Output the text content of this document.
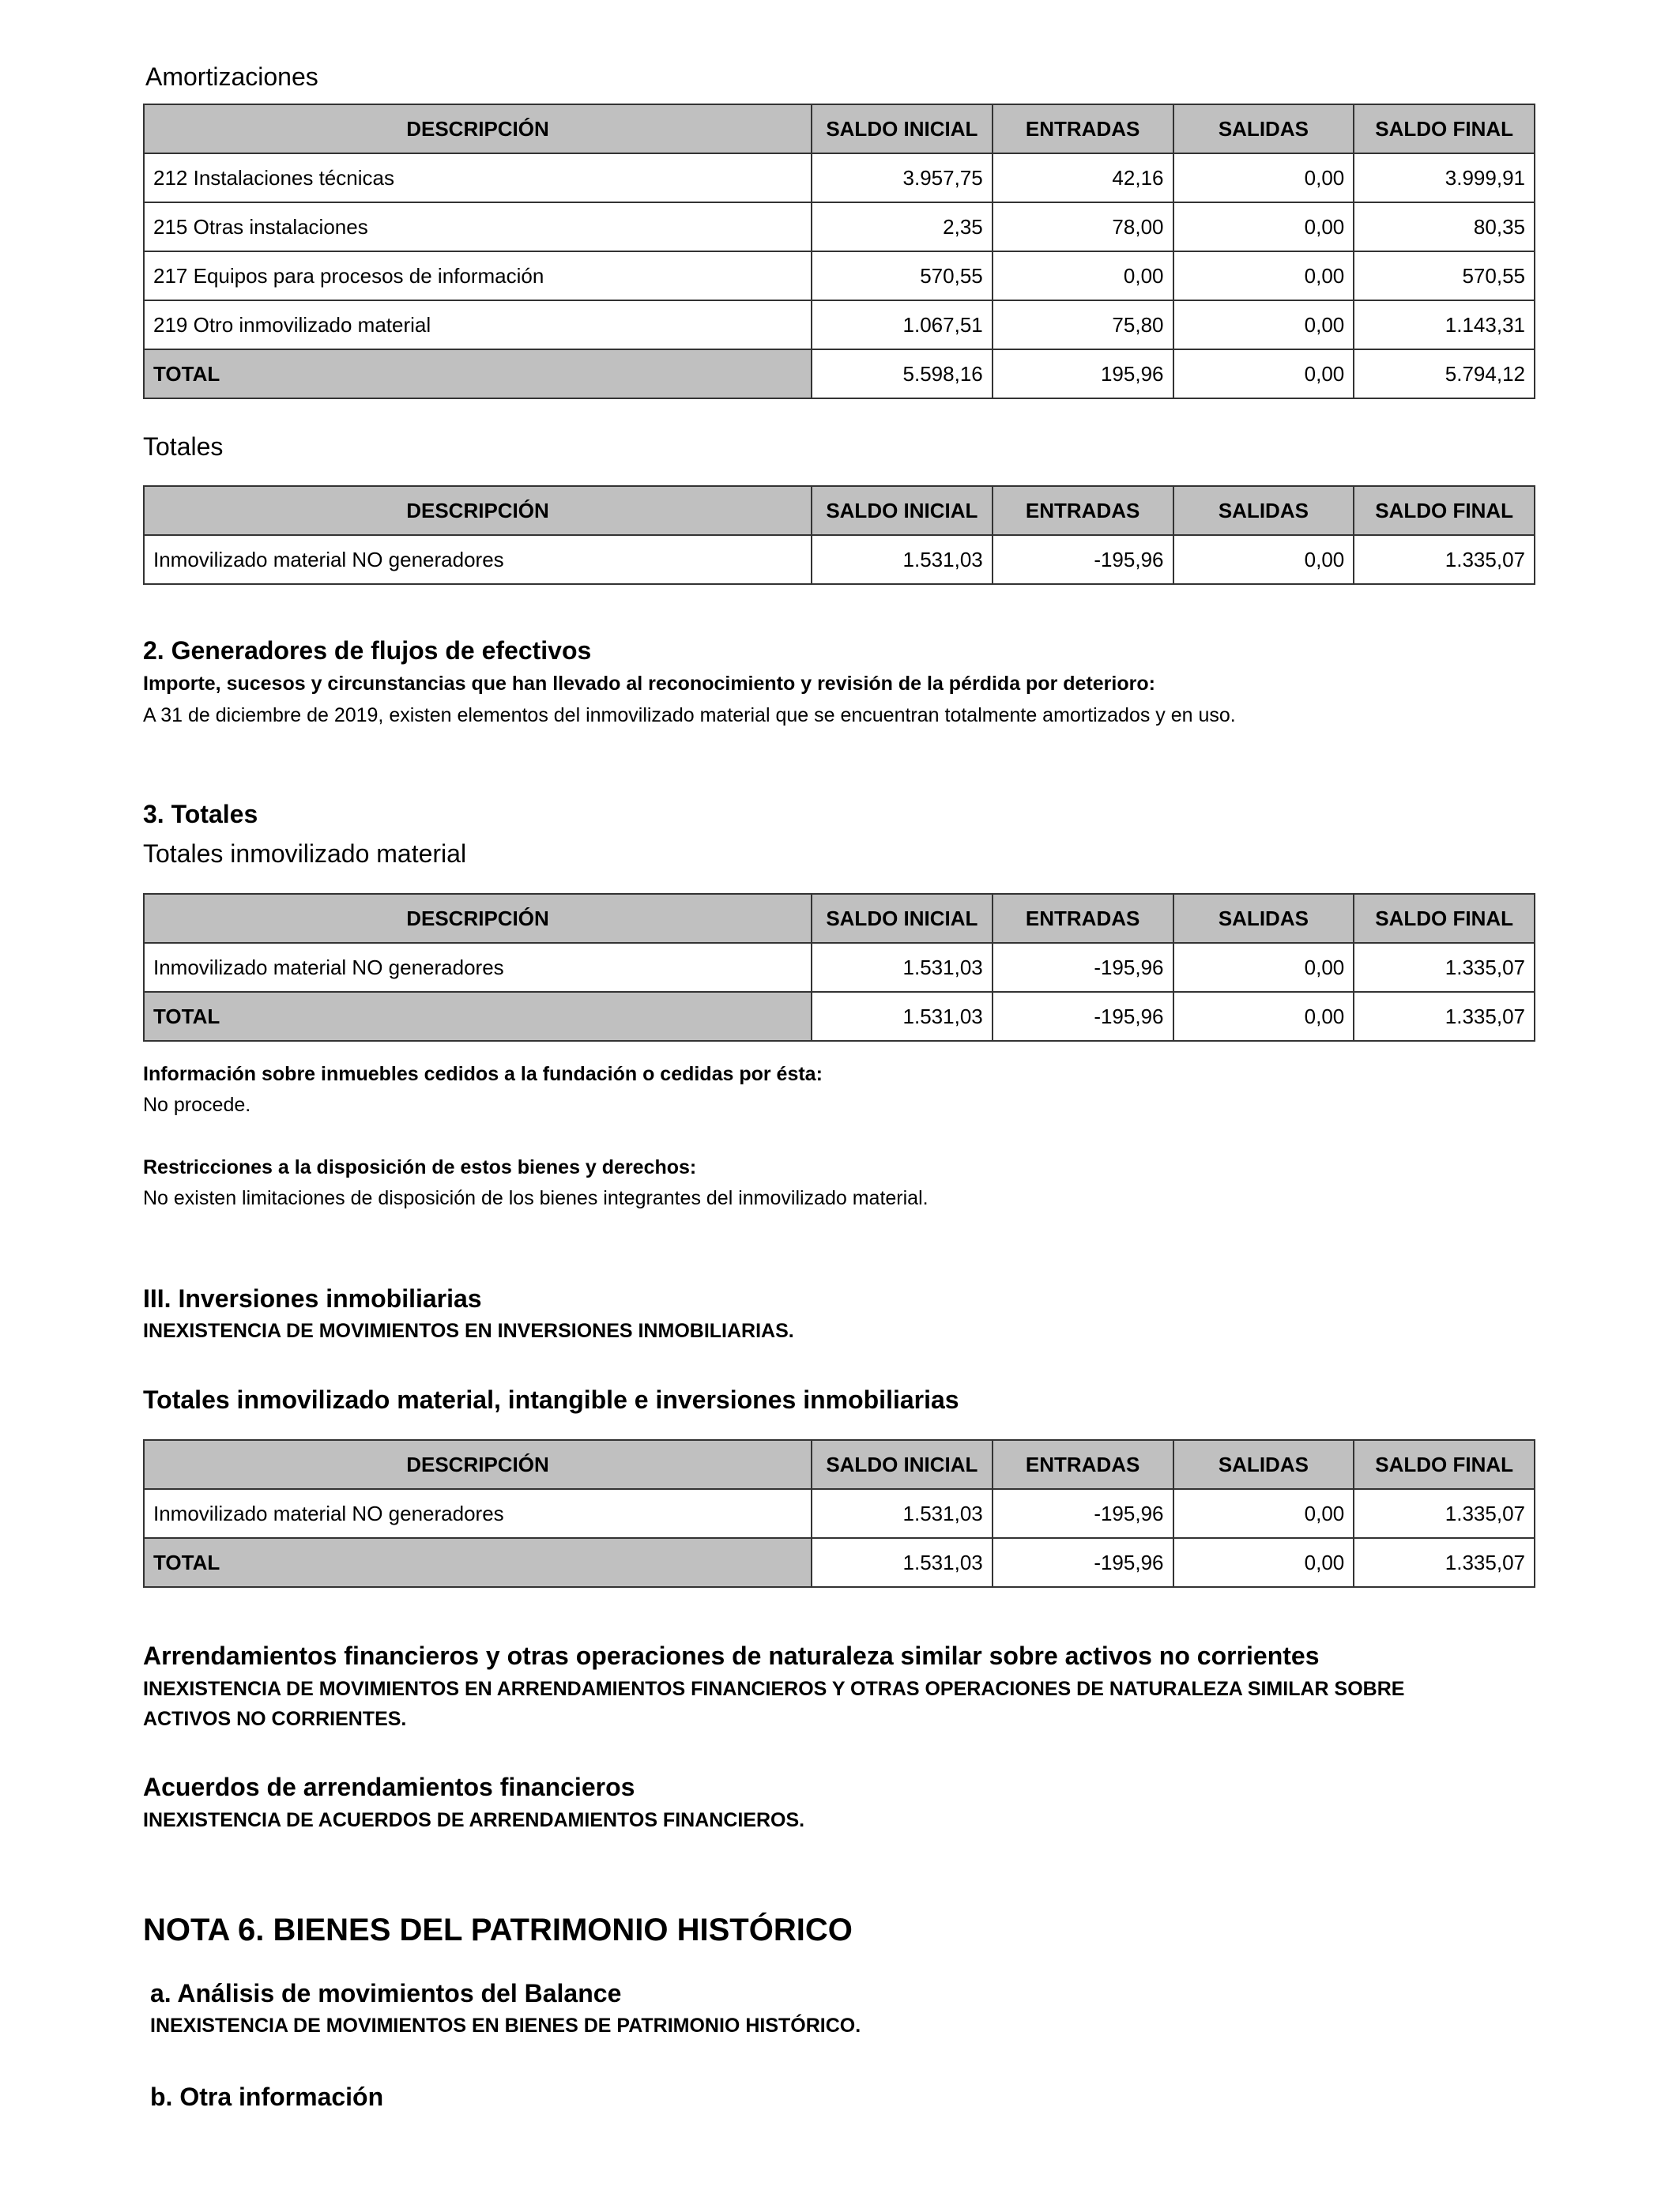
Amortizaciones

DESCRIPCIÓN	SALDO INICIAL	ENTRADAS	SALIDAS	SALDO FINAL
212 Instalaciones técnicas	3.957,75	42,16	0,00	3.999,91
215 Otras instalaciones	2,35	78,00	0,00	80,35
217 Equipos para procesos de información	570,55	0,00	0,00	570,55
219 Otro inmovilizado material	1.067,51	75,80	0,00	1.143,31
TOTAL	5.598,16	195,96	0,00	5.794,12

Totales

DESCRIPCIÓN	SALDO INICIAL	ENTRADAS	SALIDAS	SALDO FINAL
Inmovilizado material NO generadores	1.531,03	-195,96	0,00	1.335,07

2. Generadores de flujos de efectivos

Importe, sucesos y circunstancias que han llevado al reconocimiento y revisión de la pérdida por deterioro:

A 31 de diciembre de 2019, existen elementos del inmovilizado material que se encuentran totalmente amortizados y en uso.

3. Totales

Totales inmovilizado material

DESCRIPCIÓN	SALDO INICIAL	ENTRADAS	SALIDAS	SALDO FINAL
Inmovilizado material NO generadores	1.531,03	-195,96	0,00	1.335,07
TOTAL	1.531,03	-195,96	0,00	1.335,07

Información sobre inmuebles cedidos a la fundación o cedidas por ésta:

No procede.

Restricciones a la disposición de estos bienes y derechos:

No existen limitaciones de disposición de los bienes integrantes del inmovilizado material.

III. Inversiones inmobiliarias

INEXISTENCIA DE MOVIMIENTOS EN INVERSIONES INMOBILIARIAS.

Totales inmovilizado material, intangible e inversiones inmobiliarias

DESCRIPCIÓN	SALDO INICIAL	ENTRADAS	SALIDAS	SALDO FINAL
Inmovilizado material NO generadores	1.531,03	-195,96	0,00	1.335,07
TOTAL	1.531,03	-195,96	0,00	1.335,07

Arrendamientos financieros y otras operaciones de naturaleza similar sobre activos no corrientes

INEXISTENCIA DE MOVIMIENTOS EN ARRENDAMIENTOS FINANCIEROS Y OTRAS OPERACIONES DE NATURALEZA SIMILAR SOBRE

ACTIVOS NO CORRIENTES.

Acuerdos de arrendamientos financieros

INEXISTENCIA DE ACUERDOS DE ARRENDAMIENTOS FINANCIEROS.

NOTA 6. BIENES DEL PATRIMONIO HISTÓRICO

a. Análisis de movimientos del Balance

INEXISTENCIA DE MOVIMIENTOS EN BIENES DE PATRIMONIO HISTÓRICO.

b. Otra información
